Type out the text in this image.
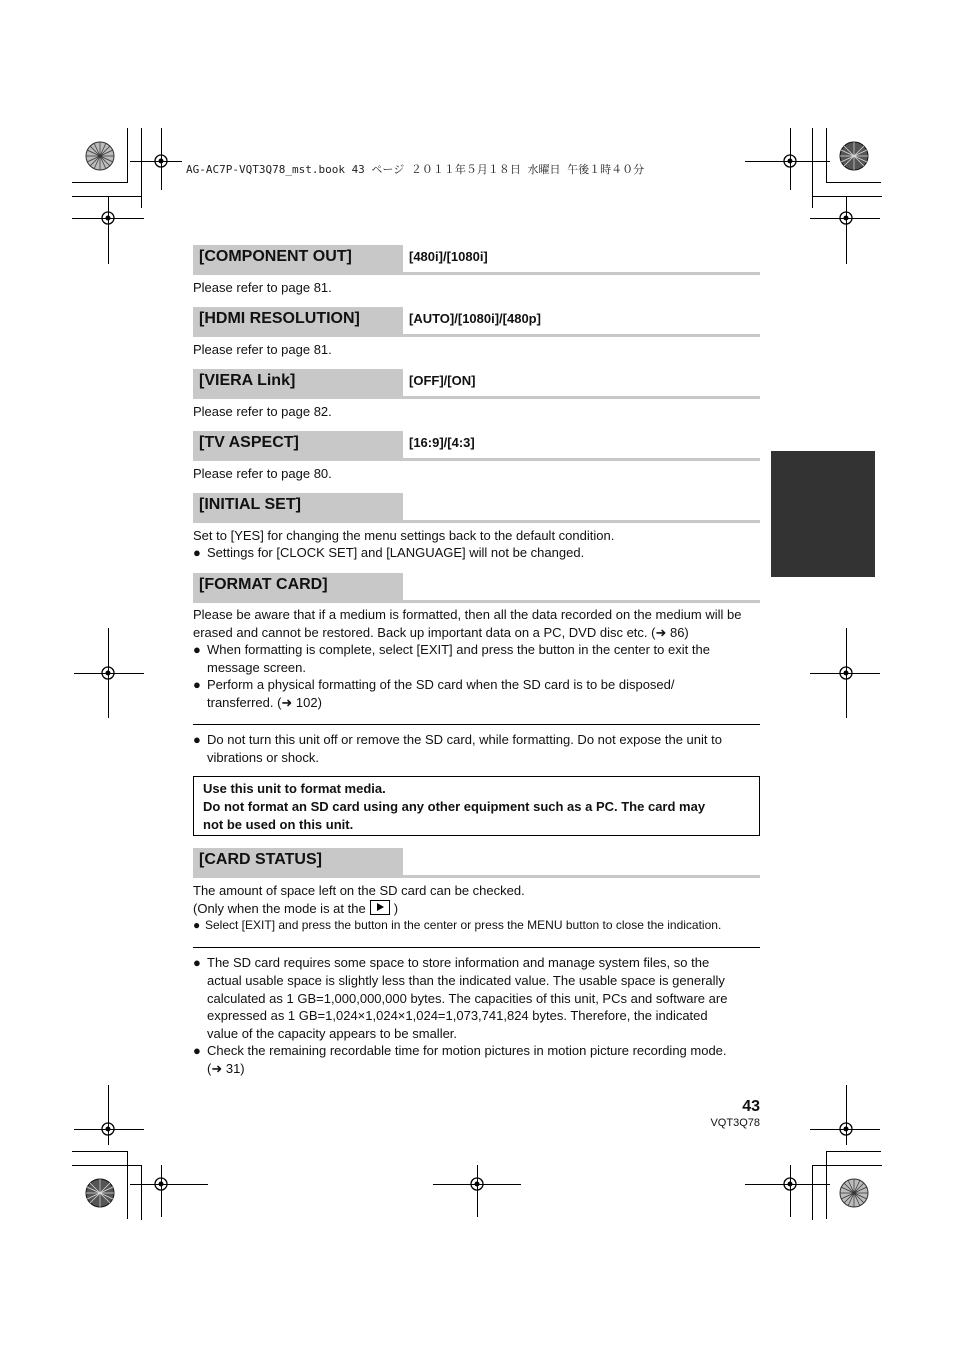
AG-AC7P-VQT3Q78_mst.book 43 ページ ２０１１年５月１８日 水曜日 午後１時４０分
[COMPONENT OUT]	[480i]/[1080i]
Please refer to page 81.
[HDMI RESOLUTION]	[AUTO]/[1080i]/[480p]
Please refer to page 81.
[VIERA Link]	[OFF]/[ON]
Please refer to page 82.
[TV ASPECT]	[16:9]/[4:3]
Please refer to page 80.
[INITIAL SET]
Set to [YES] for changing the menu settings back to the default condition.
● Settings for [CLOCK SET] and [LANGUAGE] will not be changed.
[FORMAT CARD]
Please be aware that if a medium is formatted, then all the data recorded on the medium will be
erased and cannot be restored. Back up important data on a PC, DVD disc etc. (➜ 86)
● When formatting is complete, select [EXIT] and press the button in the center to exit the
message screen.
● Perform a physical formatting of the SD card when the SD card is to be disposed/
transferred. (➜ 102)
● Do not turn this unit off or remove the SD card, while formatting. Do not expose the unit to
vibrations or shock.
Use this unit to format media.
Do not format an SD card using any other equipment such as a PC. The card may
not be used on this unit.
[CARD STATUS]
The amount of space left on the SD card can be checked.
(Only when the mode is at the )
● Select [EXIT] and press the button in the center or press the MENU button to close the indication.
● The SD card requires some space to store information and manage system files, so the
actual usable space is slightly less than the indicated value. The usable space is generally
calculated as 1 GB=1,000,000,000 bytes. The capacities of this unit, PCs and software are
expressed as 1 GB=1,024×1,024×1,024=1,073,741,824 bytes. Therefore, the indicated
value of the capacity appears to be smaller.
● Check the remaining recordable time for motion pictures in motion picture recording mode.
(➜ 31)
43
VQT3Q78
